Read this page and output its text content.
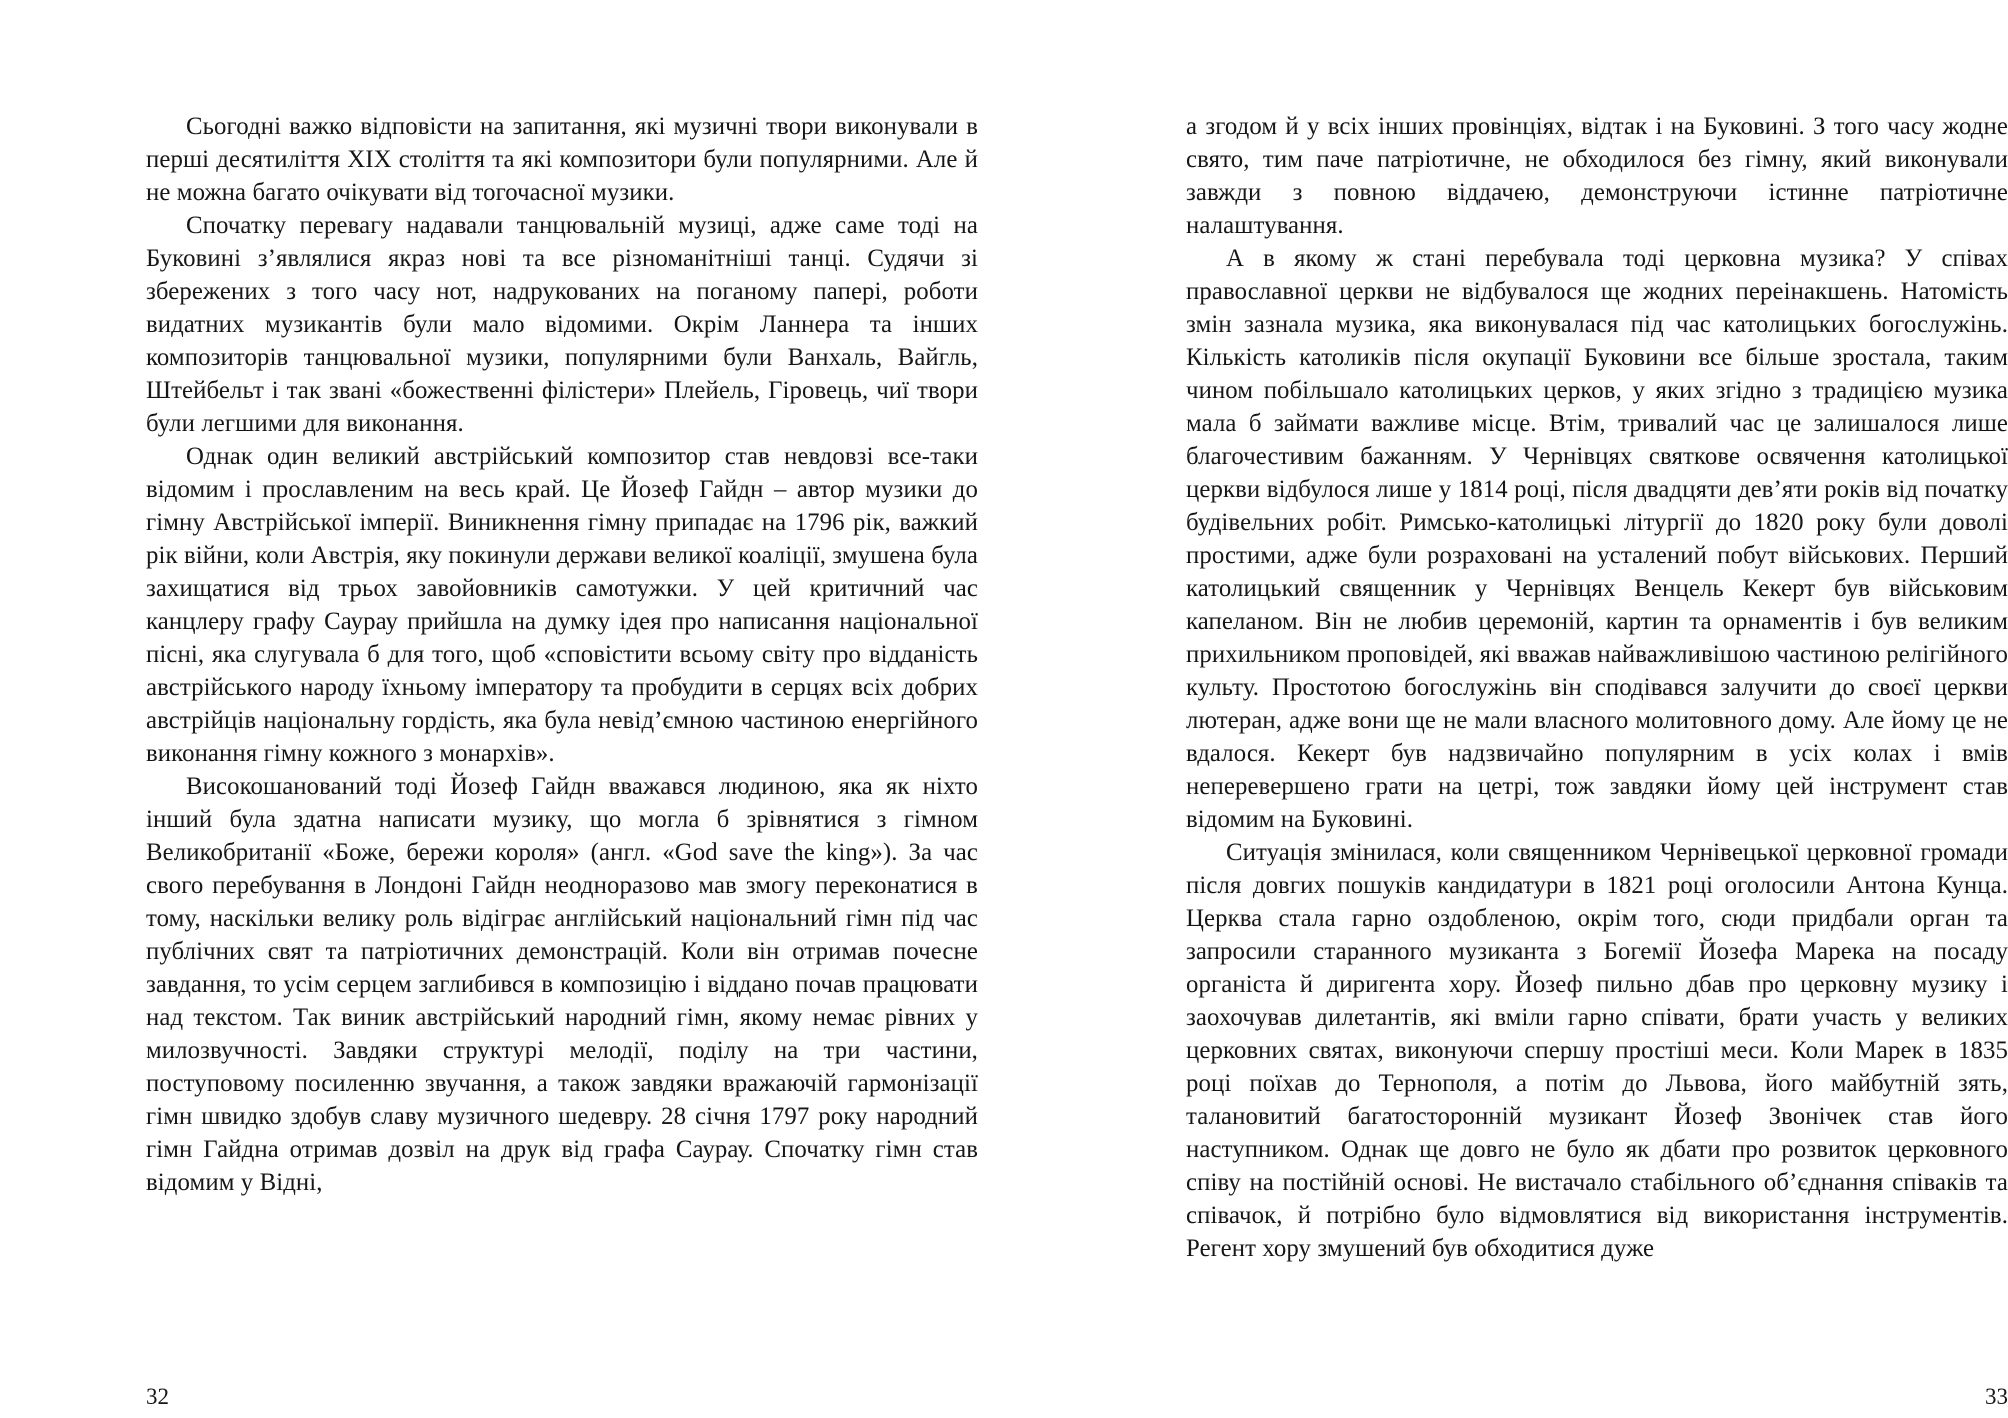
Сьогодні важко відповісти на запитання, які музичні твори виконували в перші десятиліття XIX століття та які композитори були популярними. Але й не можна багато очікувати від тогочасної музики.

Спочатку перевагу надавали танцювальній музиці, адже саме тоді на Буковині з’являлися якраз нові та все різноманітніші танці. Судячи зі збережених з того часу нот, надрукованих на поганому папері, роботи видатних музикантів були мало відомими. Окрім Ланнера та інших композиторів танцювальної музики, популярними були Ванхаль, Вайгль, Штейбельт і так звані «божественні філістери» Плейель, Гіровець, чиї твори були легшими для виконання.

Однак один великий австрійський композитор став невдовзі все-таки відомим і прославленим на весь край. Це Йозеф Гайдн – автор музики до гімну Австрійської імперії. Виникнення гімну припадає на 1796 рік, важкий рік війни, коли Австрія, яку покинули держави великої коаліції, змушена була захищатися від трьох завойовників самотужки. У цей критичний час канцлеру графу Саурау прийшла на думку ідея про написання національної пісні, яка слугувала б для того, щоб «сповістити всьому світу про відданість австрійського народу їхньому імператору та пробудити в серцях всіх добрих австрійців національну гордість, яка була невід’ємною частиною енергійного виконання гімну кожного з монархів».

Високошанований тоді Йозеф Гайдн вважався людиною, яка як ніхто інший була здатна написати музику, що могла б зрівнятися з гімном Великобританії «Боже, бережи короля» (англ. «God save the king»). За час свого перебування в Лондоні Гайдн неодноразово мав змогу переконатися в тому, наскільки велику роль відіграє англійський національний гімн під час публічних свят та патріотичних демонстрацій. Коли він отримав почесне завдання, то усім серцем заглибився в композицію і віддано почав працювати над текстом. Так виник австрійський народний гімн, якому немає рівних у милозвучності. Завдяки структурі мелодії, поділу на три частини, поступовому посиленню звучання, а також завдяки вражаючій гармонізації гімн швидко здобув славу музичного шедевру. 28 січня 1797 року народний гімн Гайдна отримав дозвіл на друк від графа Саурау. Спочатку гімн став відомим у Відні,

32

а згодом й у всіх інших провінціях, відтак і на Буковині. З того часу жодне свято, тим паче патріотичне, не обходилося без гімну, який виконували завжди з повною віддачею, демонструючи істинне патріотичне налаштування.

А в якому ж стані перебувала тоді церковна музика? У співах православної церкви не відбувалося ще жодних переінакшень. Натомість змін зазнала музика, яка виконувалася під час католицьких богослужінь. Кількість католиків після окупації Буковини все більше зростала, таким чином побільшало католицьких церков, у яких згідно з традицією музика мала б займати важливе місце. Втім, тривалий час це залишалося лише благочестивим бажанням. У Чернівцях святкове освячення католицької церкви відбулося лише у 1814 році, після двадцяти дев’яти років від початку будівельних робіт. Римсько-католицькі літургії до 1820 року були доволі простими, адже були розраховані на усталений побут військових. Перший католицький священник у Чернівцях Венцель Кекерт був військовим капеланом. Він не любив церемоній, картин та орнаментів і був великим прихильником проповідей, які вважав найважливішою частиною релігійного культу. Простотою богослужінь він сподівався залучити до своєї церкви лютеран, адже вони ще не мали власного молитовного дому. Але йому це не вдалося. Кекерт був надзвичайно популярним в усіх колах і вмів неперевершено грати на цетрі, тож завдяки йому цей інструмент став відомим на Буковині.

Ситуація змінилася, коли священником Чернівецької церковної громади після довгих пошуків кандидатури в 1821 році оголосили Антона Кунца. Церква стала гарно оздобленою, окрім того, сюди придбали орган та запросили старанного музиканта з Богемії Йозефа Марека на посаду органіста й диригента хору. Йозеф пильно дбав про церковну музику і заохочував дилетантів, які вміли гарно співати, брати участь у великих церковних святах, виконуючи спершу простіші меси. Коли Марек в 1835 році поїхав до Тернополя, а потім до Львова, його майбутній зять, талановитий багатосторонній музикант Йозеф Звонічек став його наступником. Однак ще довго не було як дбати про розвиток церковного співу на постійній основі. Не вистачало стабільного об’єднання співаків та співачок, й потрібно було відмовлятися від використання інструментів. Регент хору змушений був обходитися дуже

33
